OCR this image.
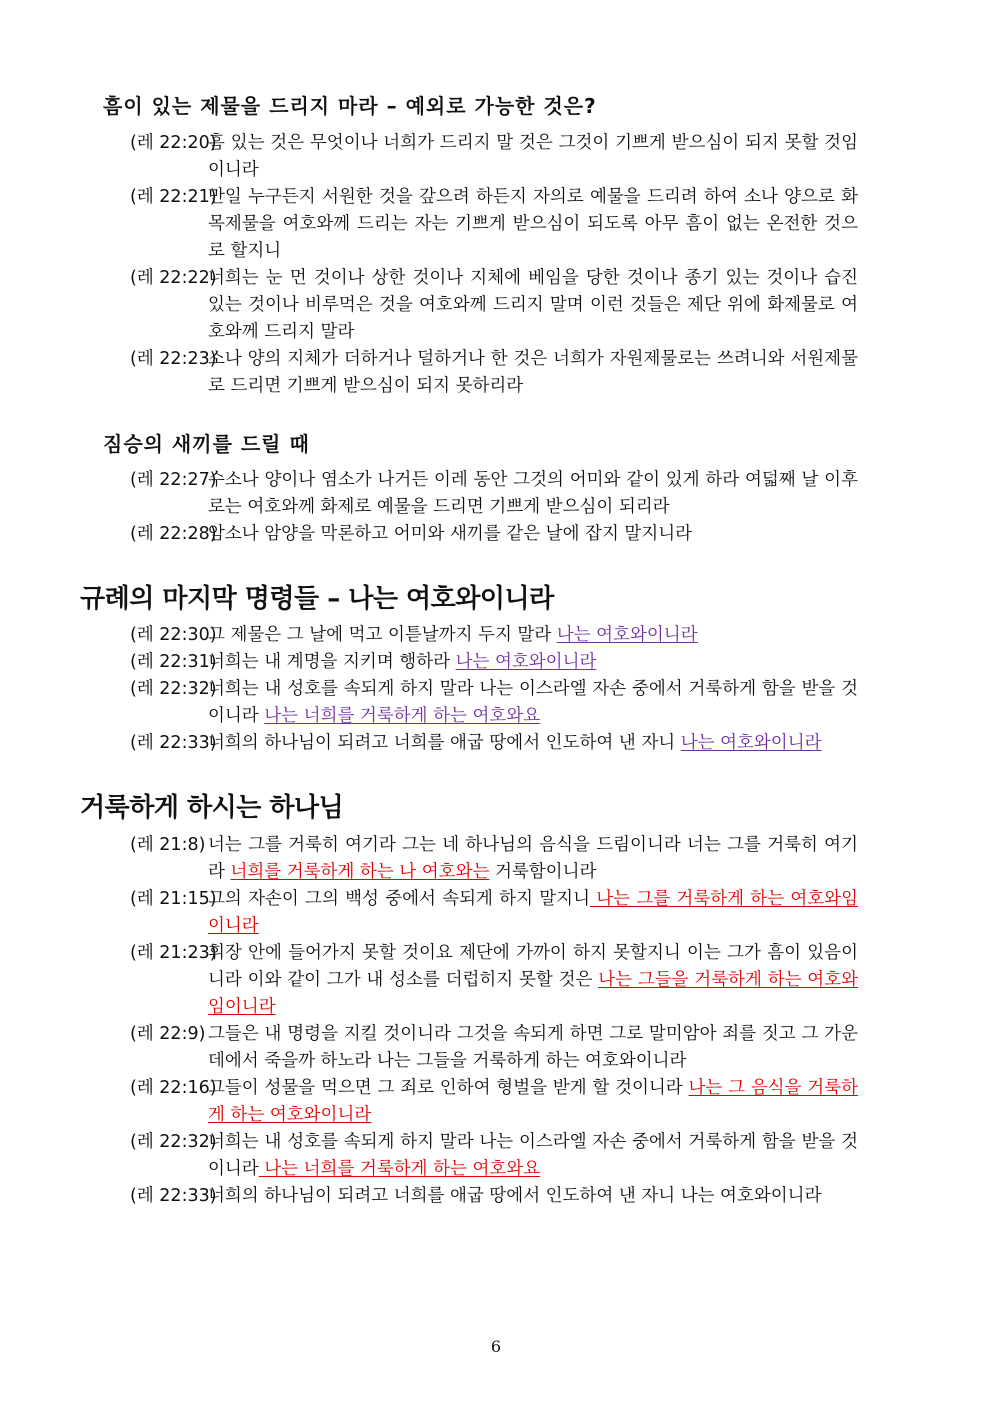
흠이 있는 제물을 드리지 마라 – 예외로 가능한 것은?
(레 22:20)
흠 있는 것은 무엇이나 너희가 드리지 말 것은 그것이 기쁘게 받으심이 되지 못할 것임이니라
(레 22:21)
만일 누구든지 서원한 것을 갚으려 하든지 자의로 예물을 드리려 하여 소나 양으로 화목제물을 여호와께 드리는 자는 기쁘게 받으심이 되도록 아무 흠이 없는 온전한 것으로 할지니
(레 22:22)
너희는 눈 먼 것이나 상한 것이나 지체에 베임을 당한 것이나 종기 있는 것이나 습진 있는 것이나 비루먹은 것을 여호와께 드리지 말며 이런 것들은 제단 위에 화제물로 여호와께 드리지 말라
(레 22:23)
소나 양의 지체가 더하거나 덜하거나 한 것은 너희가 자원제물로는 쓰려니와 서원제물로 드리면 기쁘게 받으심이 되지 못하리라
짐승의 새끼를 드릴 때
(레 22:27)
수소나 양이나 염소가 나거든 이레 동안 그것의 어미와 같이 있게 하라 여덟째 날 이후로는 여호와께 화제로 예물을 드리면 기쁘게 받으심이 되리라
(레 22:28)
암소나 암양을 막론하고 어미와 새끼를 같은 날에 잡지 말지니라
규례의 마지막 명령들 – 나는 여호와이니라
(레 22:30)
그 제물은 그 날에 먹고 이튿날까지 두지 말라 나는 여호와이니라
(레 22:31)
너희는 내 계명을 지키며 행하라 나는 여호와이니라
(레 22:32)
너희는 내 성호를 속되게 하지 말라 나는 이스라엘 자손 중에서 거룩하게 함을 받을 것이니라 나는 너희를 거룩하게 하는 여호와요
(레 22:33)
너희의 하나님이 되려고 너희를 애굽 땅에서 인도하여 낸 자니 나는 여호와이니라
거룩하게 하시는 하나님
(레 21:8) 너는 그를 거룩히 여기라 그는 네 하나님의 음식을 드림이니라 너는 그를 거룩히 여기라 너희를 거룩하게 하는 나 여호와는 거룩함이니라
(레 21:15)
그의 자손이 그의 백성 중에서 속되게 하지 말지니 나는 그를 거룩하게 하는 여호와임이니라
(레 21:23)
휘장 안에 들어가지 못할 것이요 제단에 가까이 하지 못할지니 이는 그가 흠이 있음이니라 이와 같이 그가 내 성소를 더럽히지 못할 것은 나는 그들을 거룩하게 하는 여호와임이니라
(레 22:9) 그들은 내 명령을 지킬 것이니라 그것을 속되게 하면 그로 말미암아 죄를 짓고 그 가운데에서 죽을까 하노라 나는 그들을 거룩하게 하는 여호와이니라
(레 22:16)
그들이 성물을 먹으면 그 죄로 인하여 형벌을 받게 할 것이니라 나는 그 음식을 거룩하게 하는 여호와이니라
(레 22:32)
너희는 내 성호를 속되게 하지 말라 나는 이스라엘 자손 중에서 거룩하게 함을 받을 것이니라 나는 너희를 거룩하게 하는 여호와요
(레 22:33)
너희의 하나님이 되려고 너희를 애굽 땅에서 인도하여 낸 자니 나는 여호와이니라
6
